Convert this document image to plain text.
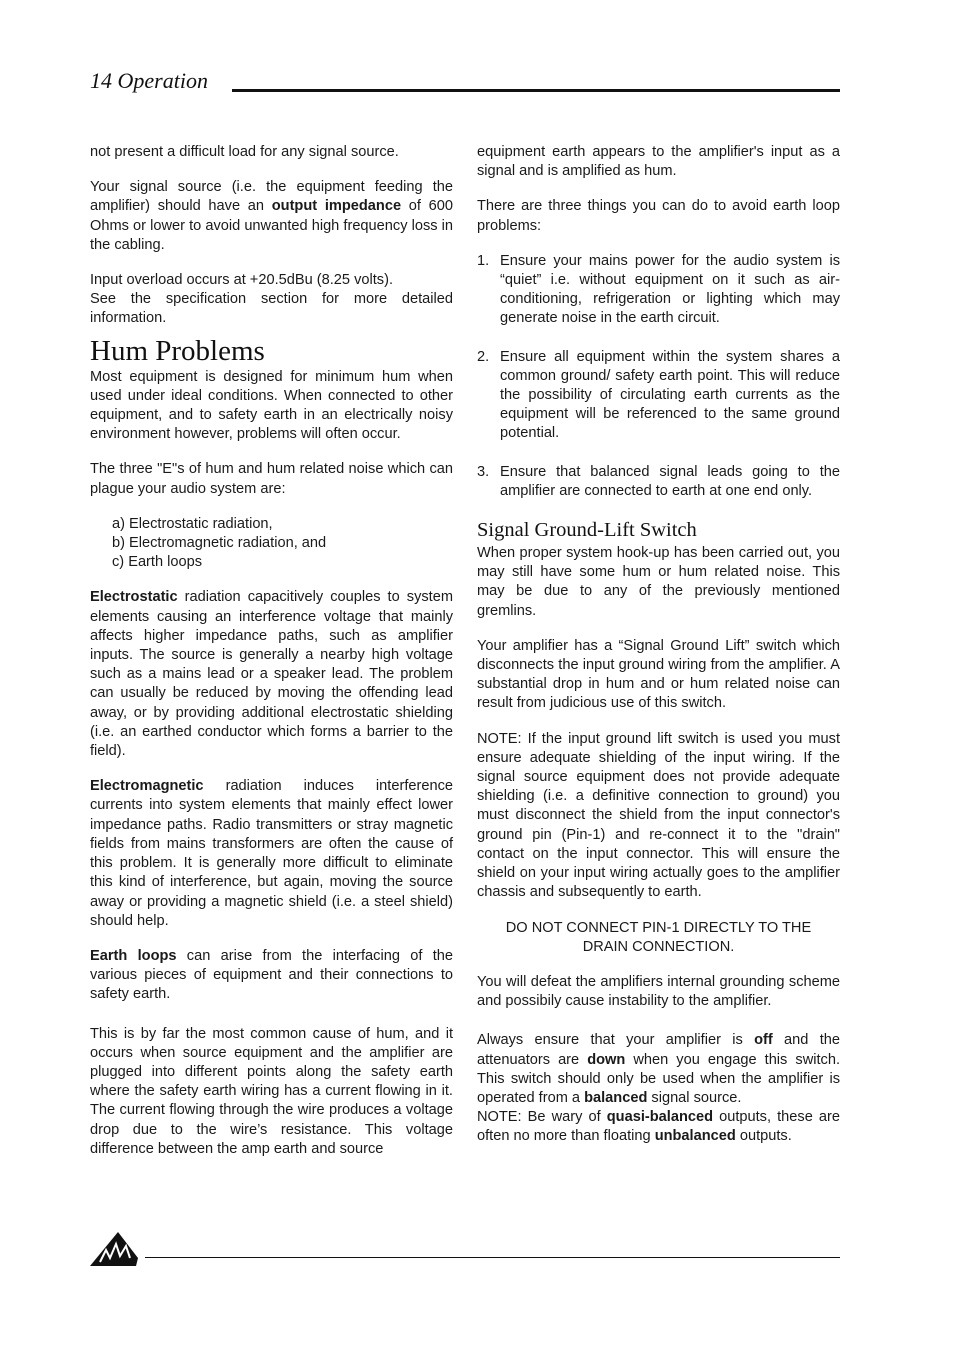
14 Operation

not present a difficult load for any signal source.

Your signal source (i.e. the equipment feeding the amplifier) should have an output impedance of 600 Ohms or lower to avoid unwanted high frequency loss in the cabling.

Input overload occurs at +20.5dBu (8.25 volts).

See the specification section for more detailed information.

Hum Problems

Most equipment is designed for minimum hum when used under ideal conditions. When connected to other equipment, and to safety earth in an electrically noisy environment however, problems will often occur.

The three "E"s of hum and hum related noise which can plague your audio system are:

a) Electrostatic radiation,
b) Electromagnetic radiation, and
c) Earth loops

Electrostatic radiation capacitively couples to system elements causing an interference voltage that mainly affects higher impedance paths, such as amplifier inputs. The source is generally a nearby high voltage such as a mains lead or a speaker lead. The problem can usually be reduced by moving the offending lead away, or by providing additional electrostatic shielding (i.e. an earthed conductor which forms a barrier to the field).

Electromagnetic radiation induces interference currents into system elements that mainly effect lower impedance paths. Radio transmitters or stray magnetic fields from mains transformers are often the cause of this problem. It is generally more difficult to eliminate this kind of interference, but again, moving the source away or providing a magnetic shield (i.e. a steel shield) should help.

Earth loops can arise from the interfacing of the various pieces of equipment and their connections to safety earth.

This is by far the most common cause of hum, and it occurs when source equipment and the amplifier are plugged into different points along the safety earth where the safety earth wiring has a current flowing in it. The current flowing through the wire produces a voltage drop due to the wire’s resistance. This voltage difference between the amp earth and source

equipment earth appears to the amplifier's input as a signal and is amplified as hum.

There are three things you can do to avoid earth loop problems:

1. Ensure your mains power for the audio system is “quiet” i.e. without equipment on it such as air-conditioning, refrigeration or lighting which may generate noise in the earth circuit.
2. Ensure all equipment within the system shares a common ground/ safety earth point. This will reduce the possibility of circulating earth currents as the equipment will be referenced to the same ground potential.
3. Ensure that balanced signal leads going to the amplifier are connected to earth at one end only.
Signal Ground-Lift Switch

When proper system hook-up has been carried out, you may still have some hum or hum related noise. This may be due to any of the previously mentioned gremlins.

Your amplifier has a “Signal Ground Lift” switch which disconnects the input ground wiring from the amplifier. A substantial drop in hum and or hum related noise can result from judicious use of this switch.

NOTE: If the input ground lift switch is used you must ensure adequate shielding of the input wiring. If the signal source equipment does not provide adequate shielding (i.e. a definitive connection to ground) you must disconnect the shield from the input connector's ground pin (Pin-1) and re-connect it to the "drain" contact on the input connector. This will ensure the shield on your input wiring actually goes to the amplifier chassis and subsequently to earth.

DO NOT CONNECT PIN-1 DIRECTLY TO THE DRAIN CONNECTION.

You will defeat the amplifiers internal grounding scheme and possibily cause instability to the amplifier.

Always ensure that your amplifier is off and the attenuators are down when you engage this switch. This switch should only be used when the amplifier is operated from a balanced signal source.

NOTE: Be wary of quasi-balanced outputs, these are often no more than floating unbalanced outputs.
